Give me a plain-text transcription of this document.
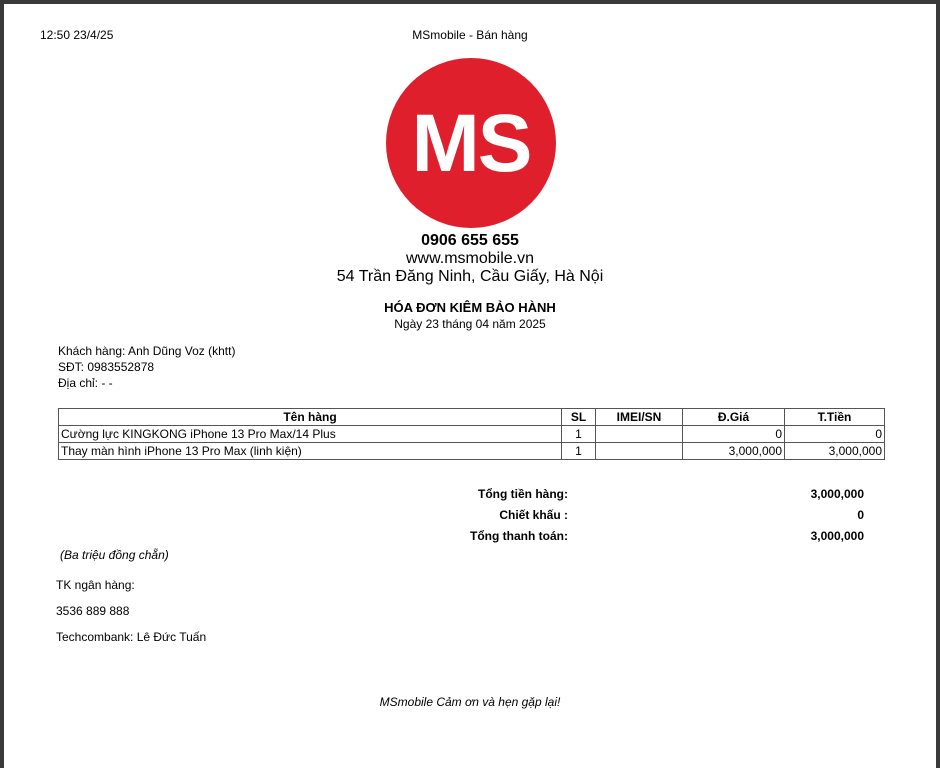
12:50 23/4/25	MSmobile - Bán hàng
MS
0906 655 655
www.msmobile.vn
54 Trần Đăng Ninh, Cầu Giấy, Hà Nội
HÓA ĐƠN KIÊM BẢO HÀNH
Ngày 23 tháng 04 năm 2025
Khách hàng: Anh Dũng Voz (khtt)
SĐT: 0983552878
Địa chỉ: - -
Tên hàng	SL	IMEI/SN	Đ.Giá	T.Tiền
Cường lực KINGKONG iPhone 13 Pro Max/14 Plus	1		0	0
Thay màn hình iPhone 13 Pro Max (linh kiện)	1		3,000,000	3,000,000
Tổng tiền hàng:	3,000,000
Chiết khấu :	0
Tổng thanh toán:	3,000,000
(Ba triệu đồng chẵn)
TK ngân hàng:
3536 889 888
Techcombank: Lê Đức Tuấn
MSmobile Cảm ơn và hẹn gặp lại!
